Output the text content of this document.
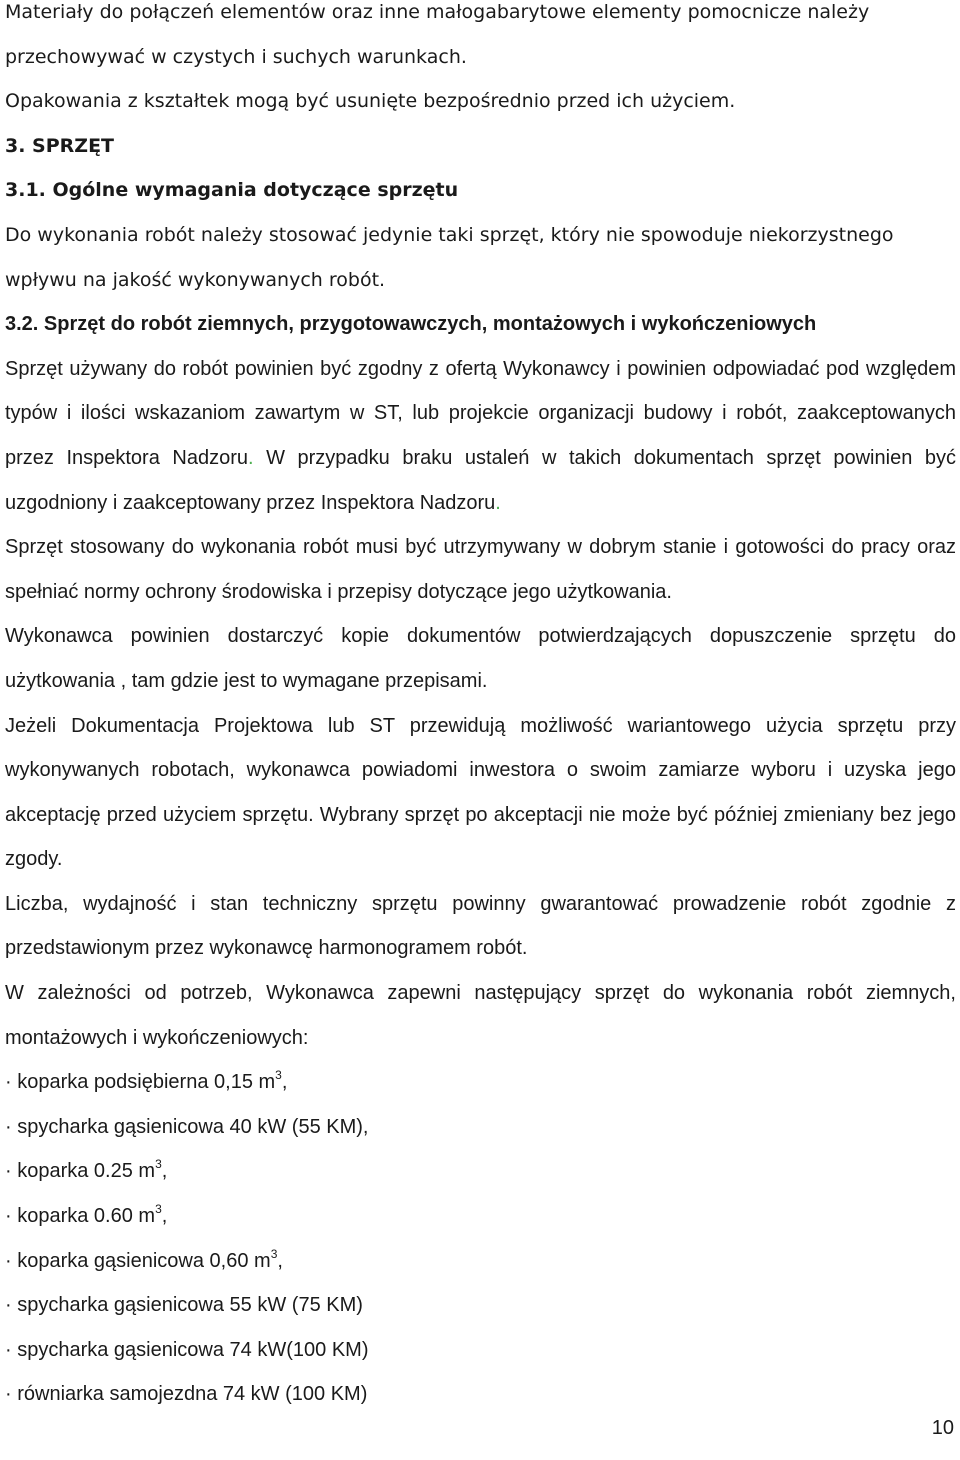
Materiały do połączeń elementów oraz inne małogabarytowe elementy pomocnicze należy

przechowywać w czystych i suchych warunkach.

Opakowania z kształtek mogą być usunięte bezpośrednio przed ich użyciem.

3. SPRZĘT

3.1. Ogólne wymagania dotyczące sprzętu

Do wykonania robót należy stosować jedynie taki sprzęt, który nie spowoduje niekorzystnego

wpływu na jakość wykonywanych robót.

3.2. Sprzęt do robót ziemnych, przygotowawczych, montażowych i wykończeniowych

Sprzęt używany do robót powinien być zgodny z ofertą Wykonawcy i powinien odpowiadać pod względem typów i ilości wskazaniom zawartym w ST, lub projekcie organizacji budowy i robót, zaakceptowanych przez Inspektora Nadzoru. W przypadku braku ustaleń w takich dokumentach sprzęt powinien być uzgodniony i zaakceptowany przez Inspektora Nadzoru.

Sprzęt stosowany do wykonania robót musi być utrzymywany w dobrym stanie i gotowości do pracy oraz spełniać normy ochrony środowiska i przepisy dotyczące jego użytkowania.

Wykonawca powinien dostarczyć kopie dokumentów potwierdzających dopuszczenie sprzętu do użytkowania , tam gdzie jest to wymagane przepisami.

Jeżeli Dokumentacja Projektowa lub ST przewidują możliwość wariantowego użycia sprzętu przy wykonywanych robotach, wykonawca powiadomi inwestora o swoim zamiarze wyboru i uzyska jego akceptację przed użyciem sprzętu. Wybrany sprzęt po akceptacji nie może być później zmieniany bez jego zgody.

Liczba, wydajność i stan techniczny sprzętu powinny gwarantować prowadzenie robót zgodnie z przedstawionym przez wykonawcę harmonogramem robót.

W zależności od potrzeb, Wykonawca zapewni następujący sprzęt do wykonania robót ziemnych, montażowych i wykończeniowych:

· koparka podsiębierna 0,15 $m^3$,

· spycharka gąsienicowa 40 kW (55 KM),

· koparka 0.25 $m^3$,

· koparka 0.60 $m^3$,

· koparka gąsienicowa 0,60 $m^3$,

· spycharka gąsienicowa 55 kW (75 KM)

· spycharka gąsienicowa 74 kW(100 KM)

· równiarka samojezdna 74 kW (100 KM)

10
